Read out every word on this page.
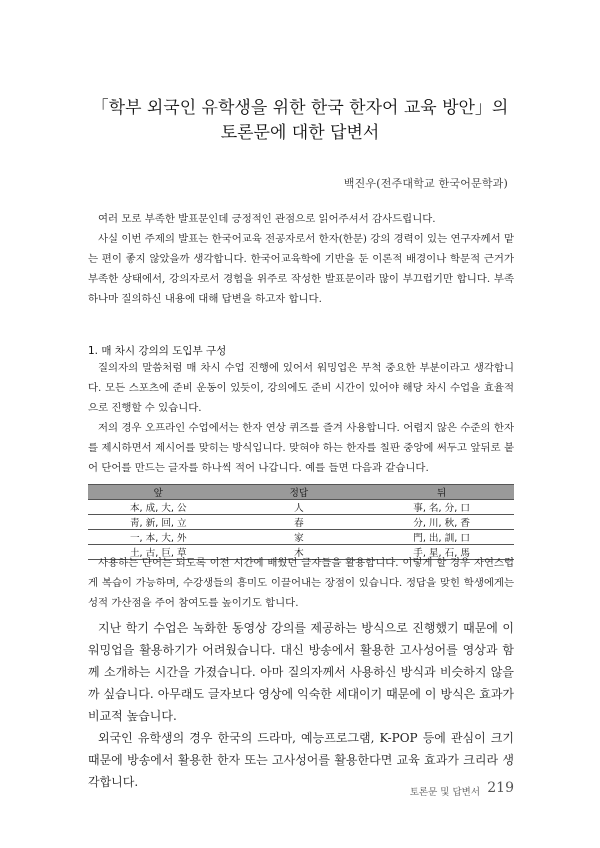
「학부 외국인 유학생을 위한 한국 한자어 교육 방안」의
토론문에 대한 답변서
백진우(전주대학교 한국어문학과)

여러 모로 부족한 발표문인데 긍정적인 관점으로 읽어주셔서 감사드립니다.

사실 이번 주제의 발표는 한국어교육 전공자로서 한자(한문) 강의 경력이 있는 연구자께서 맡는 편이 좋지 않았을까 생각합니다. 한국어교육학에 기반을 둔 이론적 배경이나 학문적 근거가 부족한 상태에서, 강의자로서 경험을 위주로 작성한 발표문이라 많이 부끄럽기만 합니다. 부족하나마 질의하신 내용에 대해 답변을 하고자 합니다.

1. 매 차시 강의의 도입부 구성

질의자의 말씀처럼 매 차시 수업 진행에 있어서 워밍업은 무척 중요한 부분이라고 생각합니다. 모든 스포츠에 준비 운동이 있듯이, 강의에도 준비 시간이 있어야 해당 차시 수업을 효율적으로 진행할 수 있습니다.

저의 경우 오프라인 수업에서는 한자 연상 퀴즈를 즐겨 사용합니다. 어렵지 않은 수준의 한자를 제시하면서 제시어를 맞히는 방식입니다. 맞혀야 하는 한자를 칠판 중앙에 써두고 앞뒤로 붙어 단어를 만드는 글자를 하나씩 적어 나갑니다. 예를 들면 다음과 같습니다.

앞	정답	뒤
本, 成, 大, 公	人	事, 名, 分, 口
靑, 新, 回, 立	春	分, 川, 秋, 香
一, 本, 大, 外	家	門, 出, 訓, 口
土, 古, 巨, 草	木	手, 星, 石, 馬

사용하는 단어는 되도록 이전 시간에 배웠던 글자들을 활용합니다. 이렇게 할 경우 자연스럽게 복습이 가능하며, 수강생들의 흥미도 이끌어내는 장점이 있습니다. 정답을 맞힌 학생에게는 성적 가산점을 주어 참여도를 높이기도 합니다.

지난 학기 수업은 녹화한 동영상 강의를 제공하는 방식으로 진행했기 때문에 이 워밍업을 활용하기가 어려웠습니다. 대신 방송에서 활용한 고사성어를 영상과 함께 소개하는 시간을 가졌습니다. 아마 질의자께서 사용하신 방식과 비슷하지 않을까 싶습니다. 아무래도 글자보다 영상에 익숙한 세대이기 때문에 이 방식은 효과가 비교적 높습니다.

외국인 유학생의 경우 한국의 드라마, 예능프로그램, K-POP 등에 관심이 크기 때문에 방송에서 활용한 한자 또는 고사성어를 활용한다면 교육 효과가 크리라 생각합니다.

토론문 및 답변서 219
